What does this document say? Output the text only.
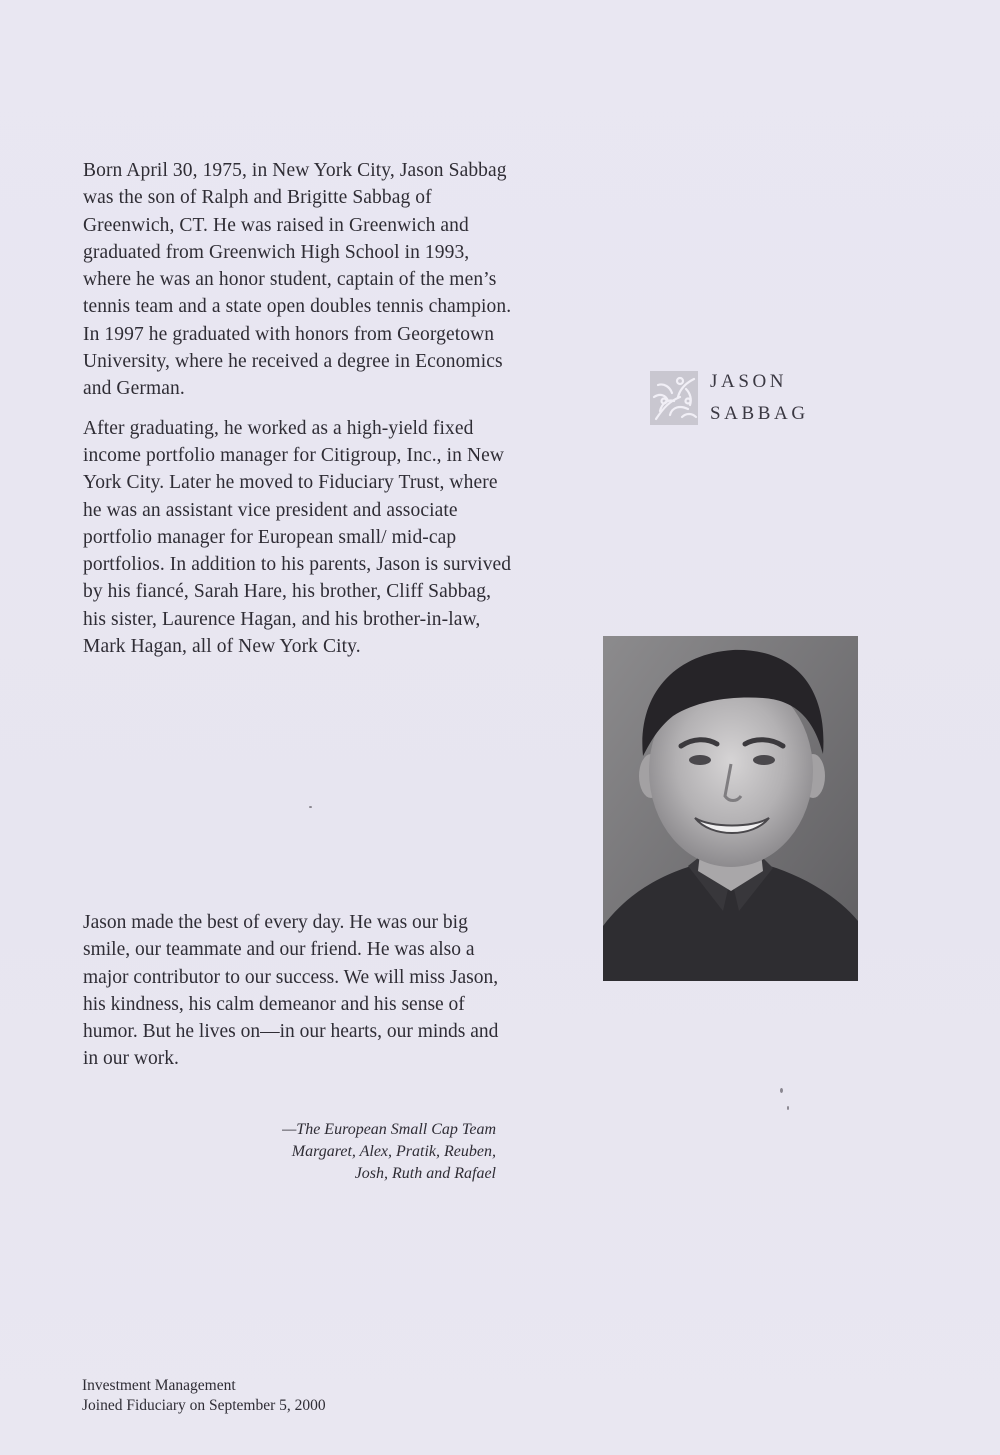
Born April 30, 1975, in New York City, Jason Sabbag was the son of Ralph and Brigitte Sabbag of Greenwich, CT. He was raised in Greenwich and graduated from Greenwich High School in 1993, where he was an honor student, captain of the men’s tennis team and a state open doubles tennis champion. In 1997 he graduated with honors from Georgetown University, where he received a degree in Economics and German.

After graduating, he worked as a high-yield fixed income portfolio manager for Citigroup, Inc., in New York City. Later he moved to Fiduciary Trust, where he was an assistant vice president and associate portfolio manager for European small/ mid-cap portfolios. In addition to his parents, Jason is survived by his fiancé, Sarah Hare, his brother, Cliff Sabbag, his sister, Laurence Hagan, and his brother-in-law, Mark Hagan, all of New York City.

JASON
SABBAG

Jason made the best of every day. He was our big smile, our teammate and our friend. He was also a major contributor to our success. We will miss Jason, his kindness, his calm demeanor and his sense of humor. But he lives on—in our hearts, our minds and in our work.

—The European Small Cap Team
Margaret, Alex, Pratik, Reuben,
Josh, Ruth and Rafael
Investment Management
Joined Fiduciary on September 5, 2000
